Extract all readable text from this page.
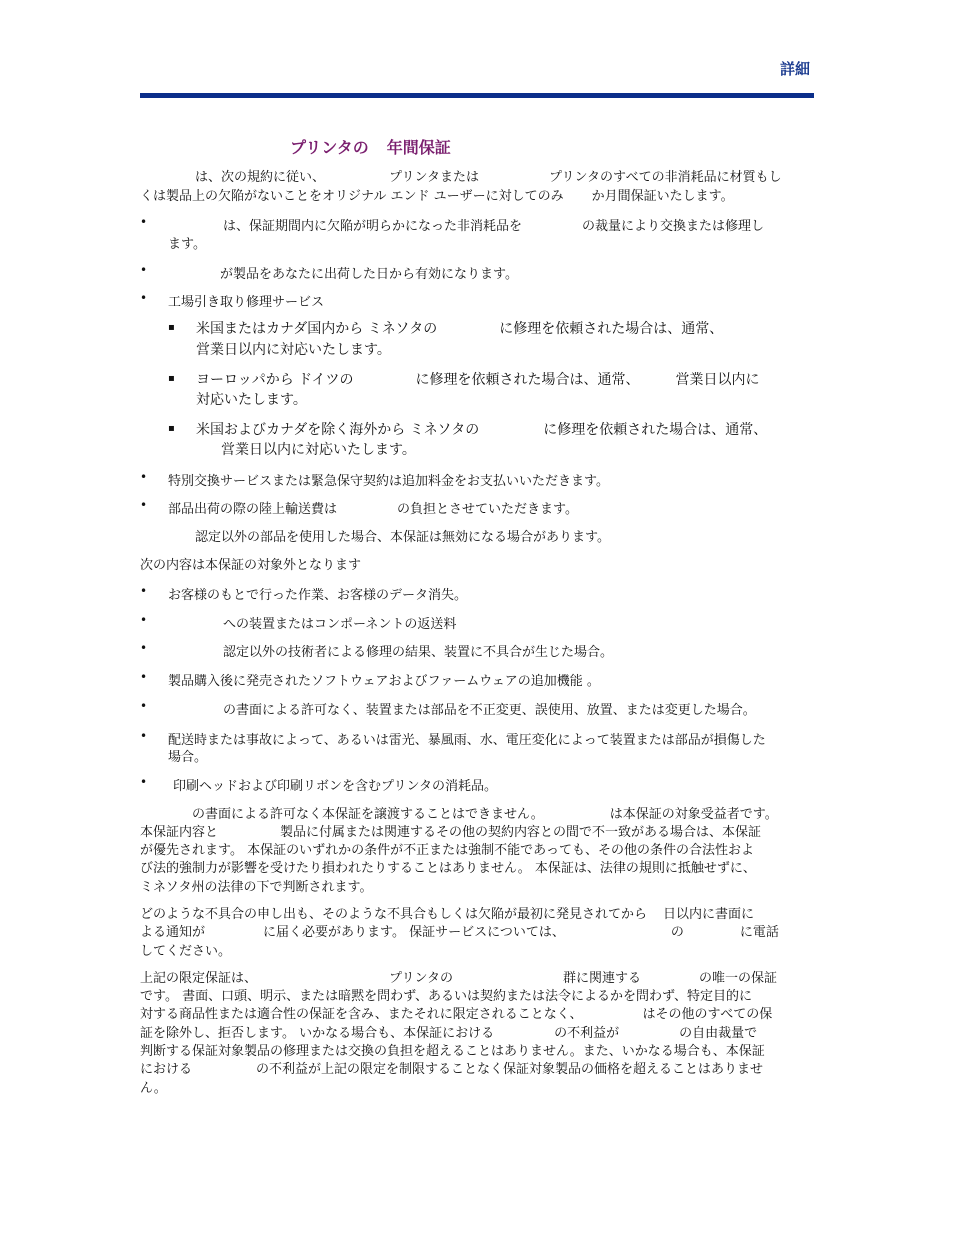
詳細
プリンタの 年間保証
は、次の規約に従い、	プリンタまたは	プリンタのすべての非消耗品に材質もし
くは製品上の欠陥がないことをオリジナル エンド ユーザーに対してのみ か月間保証いたします。
•	は、保証期間内に欠陥が明らかになった非消耗品を	の裁量により交換または修理し
ます。
•	が製品をあなたに出荷した日から有効になります。
• 工場引き取り修理サービス
▪ 米国またはカナダ国内から ミネソタの	に修理を依頼された場合は、通常、
営業日以内に対応いたします。
▪ ヨーロッパから ドイツの	に修理を依頼された場合は、通常、	営業日以内に
対応いたします。
▪ 米国およびカナダを除く海外から ミネソタの	に修理を依頼された場合は、通常、
営業日以内に対応いたします。
• 特別交換サービスまたは緊急保守契約は追加料金をお支払いいただきます。
• 部品出荷の際の陸上輸送費は	の負担とさせていただきます。
認定以外の部品を使用した場合、本保証は無効になる場合があります。
次の内容は本保証の対象外となります
• お客様のもとで行った作業、お客様のデータ消失。
•	への装置またはコンポーネントの返送料
•	認定以外の技術者による修理の結果、装置に不具合が生じた場合。
• 製品購入後に発売されたソフトウェアおよびファームウェアの追加機能 。
•	の書面による許可なく、装置または部品を不正変更、誤使用、放置、または変更した場合。
• 配送時または事故によって、あるいは雷光、暴風雨、水、電圧変化によって装置または部品が損傷した
場合。
• 印刷ヘッドおよび印刷リボンを含むプリンタの消耗品。
の書面による許可なく本保証を譲渡することはできません。	は本保証の対象受益者です。
本保証内容と	製品に付属または関連するその他の契約内容との間で不一致がある場合は、本保証
が優先されます。 本保証のいずれかの条件が不正または強制不能であっても、その他の条件の合法性およ
び法的強制力が影響を受けたり損われたりすることはありません。 本保証は、法律の規則に抵触せずに、
ミネソタ州の法律の下で判断されます。
どのような不具合の申し出も、そのような不具合もしくは欠陥が最初に発見されてから 日以内に書面に
よる通知が	に届く必要があります。 保証サービスについては、	の	に電話
してください。
上記の限定保証は、	プリンタの	群に関連する	の唯一の保証
です。 書面、口頭、明示、または暗黙を問わず、あるいは契約または法令によるかを問わず、特定目的に
対する商品性または適合性の保証を含み、またそれに限定されることなく、	はその他のすべての保
証を除外し、拒否します。 いかなる場合も、本保証における	の不利益が	の自由裁量で
判断する保証対象製品の修理または交換の負担を超えることはありません。また、いかなる場合も、本保証
における	の不利益が上記の限定を制限することなく保証対象製品の価格を超えることはありませ
ん。
